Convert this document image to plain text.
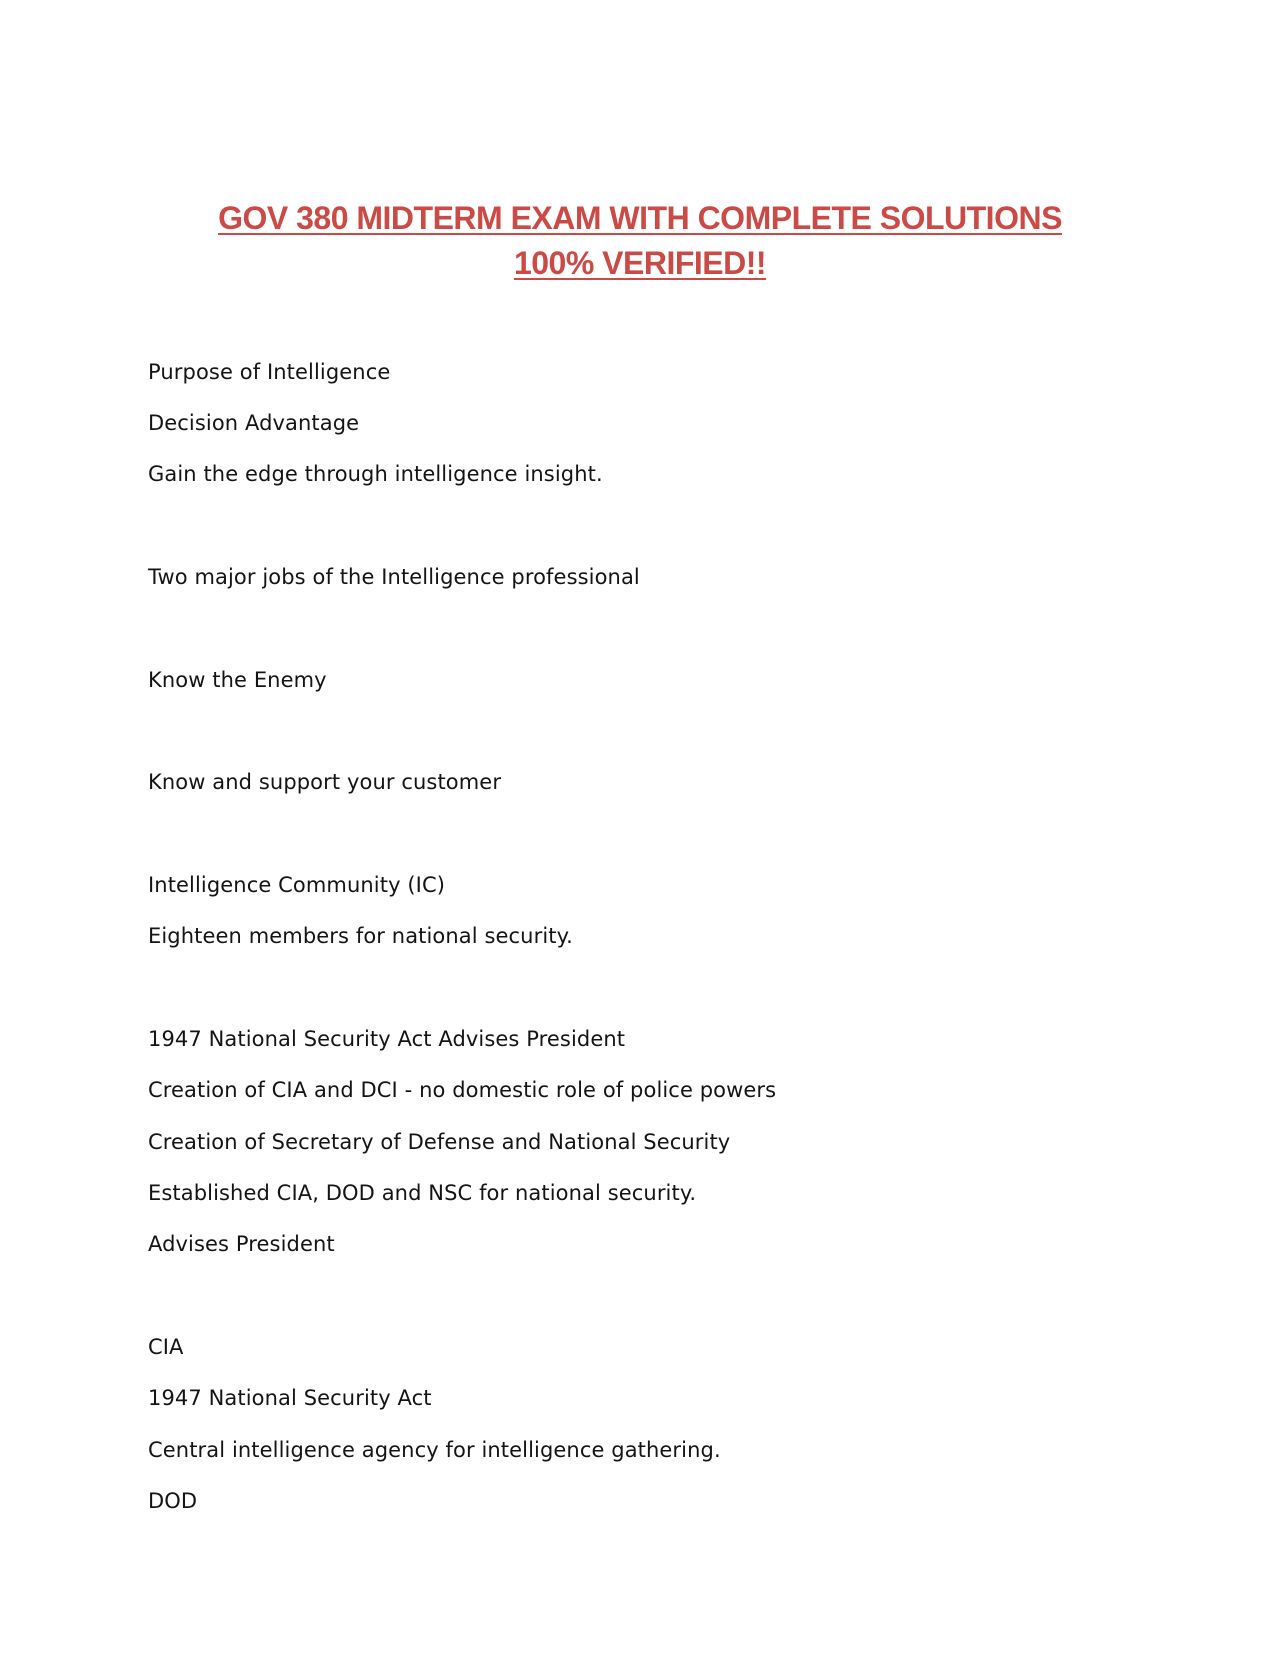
GOV 380 MIDTERM EXAM WITH COMPLETE SOLUTIONS
100% VERIFIED!!
Purpose of Intelligence
Decision Advantage
Gain the edge through intelligence insight.
Two major jobs of the Intelligence professional
Know the Enemy
Know and support your customer
Intelligence Community (IC)
Eighteen members for national security.
1947 National Security Act Advises President
Creation of CIA and DCI - no domestic role of police powers
Creation of Secretary of Defense and National Security
Established CIA, DOD and NSC for national security.
Advises President
CIA
1947 National Security Act
Central intelligence agency for intelligence gathering.
DOD
